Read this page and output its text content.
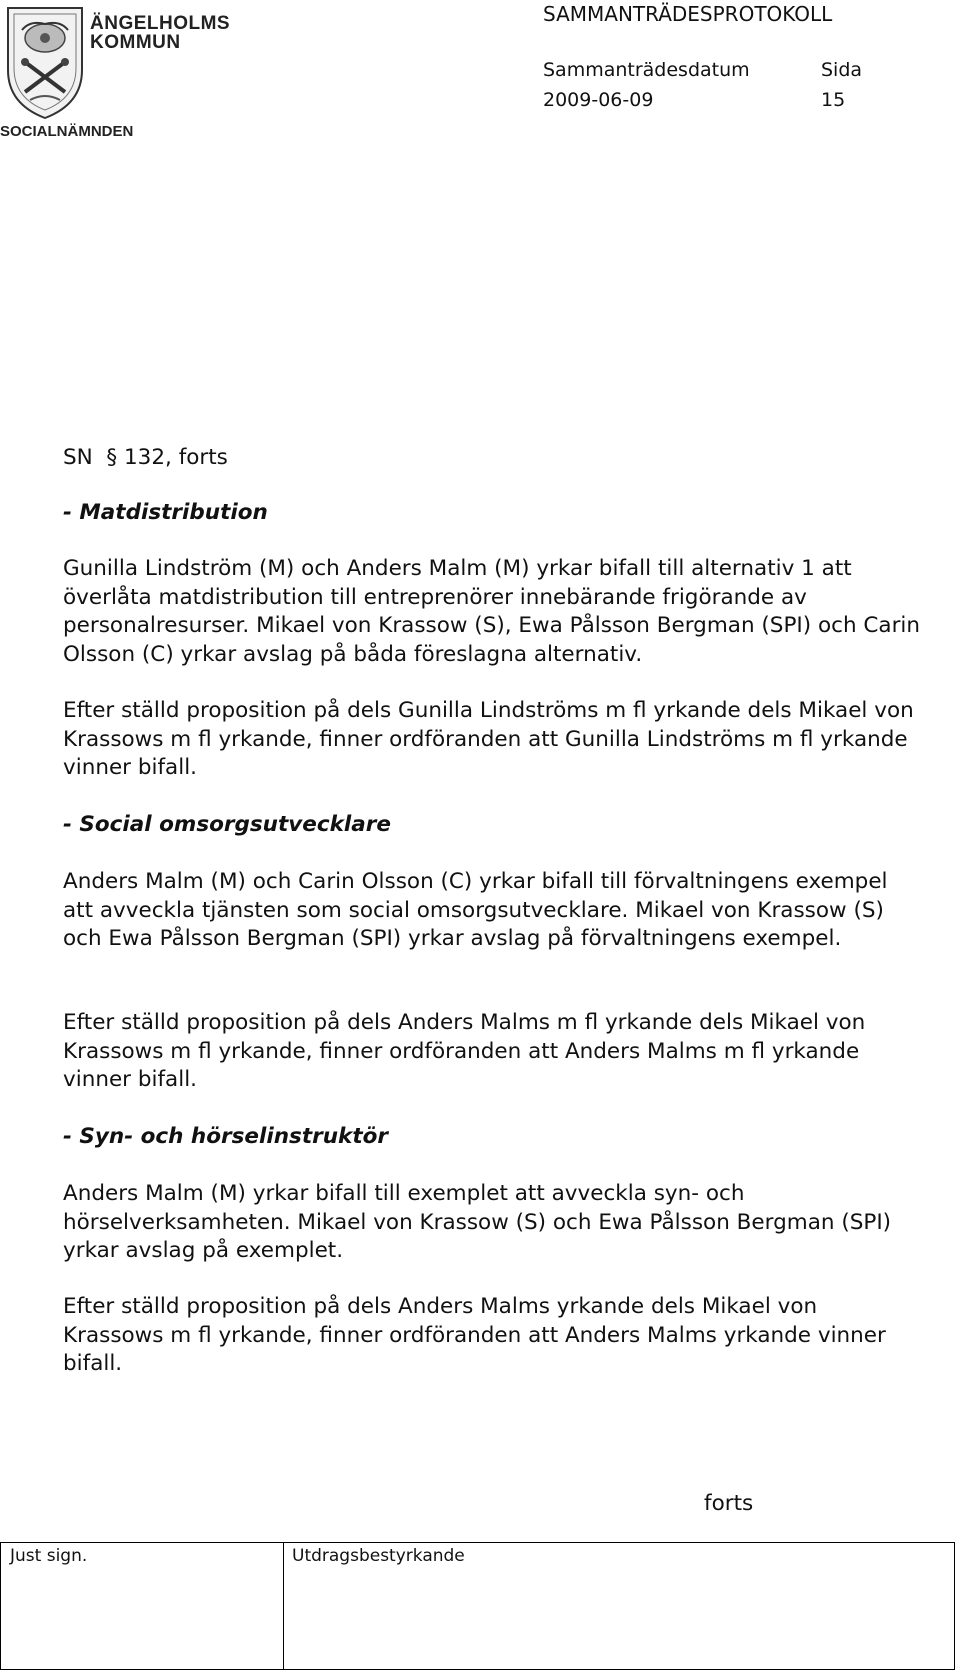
ÄNGELHOLMS
KOMMUN
SOCIALNÄMNDEN
SAMMANTRÄDESPROTOKOLL
Sammanträdesdatum	Sida
2009-06-09	15
SN  § 132, forts
- Matdistribution
Gunilla Lindström (M) och Anders Malm (M) yrkar bifall till alternativ 1 att överlåta matdistribution till entreprenörer innebärande frigörande av personalresurser. Mikael von Krassow (S), Ewa Pålsson Bergman (SPI) och Carin Olsson (C) yrkar avslag på båda föreslagna alternativ.
Efter ställd proposition på dels Gunilla Lindströms m fl yrkande dels Mikael von Krassows m fl yrkande, finner ordföranden att Gunilla Lindströms m fl yrkande vinner bifall.
- Social omsorgsutvecklare
Anders Malm (M) och Carin Olsson (C) yrkar bifall till förvaltningens exempel att avveckla tjänsten som social omsorgsutvecklare. Mikael von Krassow (S) och Ewa Pålsson Bergman (SPI) yrkar avslag på förvaltningens exempel.
Efter ställd proposition på dels Anders Malms m fl yrkande dels Mikael von Krassows m fl yrkande, finner ordföranden att Anders Malms m fl yrkande vinner bifall.
- Syn- och hörselinstruktör
Anders Malm (M) yrkar bifall till exemplet att avveckla syn- och hörselverksamheten. Mikael von Krassow (S) och Ewa Pålsson Bergman (SPI) yrkar avslag på exemplet.
Efter ställd proposition på dels Anders Malms yrkande dels Mikael von Krassows m fl yrkande, finner ordföranden att Anders Malms yrkande vinner bifall.
forts
Just sign.	Utdragsbestyrkande
